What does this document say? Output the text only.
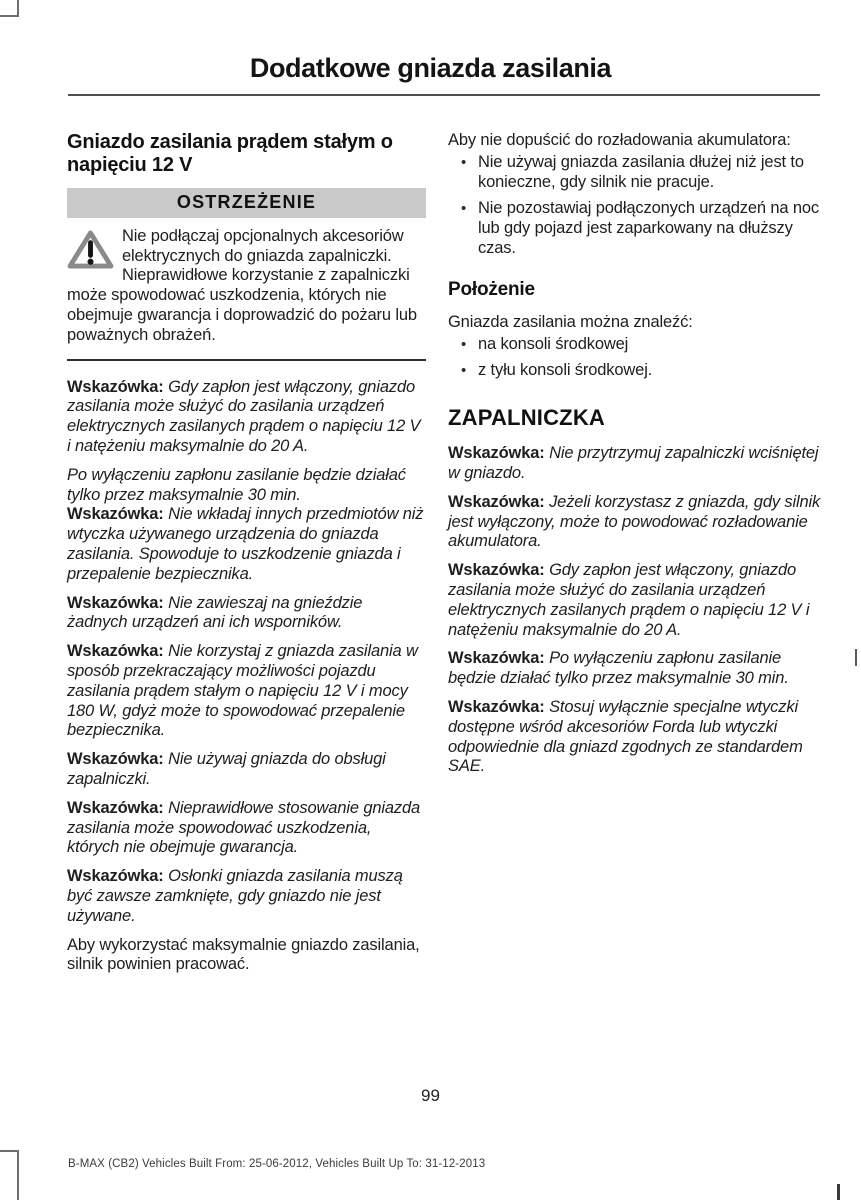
Dodatkowe gniazda zasilania
Gniazdo zasilania prądem stałym o napięciu 12 V
OSTRZEŻENIE
Nie podłączaj opcjonalnych akcesoriów elektrycznych do gniazda zapalniczki. Nieprawidłowe korzystanie z zapalniczki może spowodować uszkodzenia, których nie obejmuje gwarancja i doprowadzić do pożaru lub poważnych obrażeń.

Wskazówka: Gdy zapłon jest włączony, gniazdo zasilania może służyć do zasilania urządzeń elektrycznych zasilanych prądem o napięciu 12 V i natężeniu maksymalnie do 20 A.

Po wyłączeniu zapłonu zasilanie będzie działać tylko przez maksymalnie 30 min.

Wskazówka: Nie wkładaj innych przedmiotów niż wtyczka używanego urządzenia do gniazda zasilania. Spowoduje to uszkodzenie gniazda i przepalenie bezpiecznika.

Wskazówka: Nie zawieszaj na gnieździe żadnych urządzeń ani ich wsporników.

Wskazówka: Nie korzystaj z gniazda zasilania w sposób przekraczający możliwości pojazdu zasilania prądem stałym o napięciu 12 V i mocy 180 W, gdyż może to spowodować przepalenie bezpiecznika.

Wskazówka: Nie używaj gniazda do obsługi zapalniczki.

Wskazówka: Nieprawidłowe stosowanie gniazda zasilania może spowodować uszkodzenia, których nie obejmuje gwarancja.

Wskazówka: Osłonki gniazda zasilania muszą być zawsze zamknięte, gdy gniazdo nie jest używane.

Aby wykorzystać maksymalnie gniazdo zasilania, silnik powinien pracować.

Aby nie dopuścić do rozładowania akumulatora:

• Nie używaj gniazda zasilania dłużej niż jest to konieczne, gdy silnik nie pracuje.
• Nie pozostawiaj podłączonych urządzeń na noc lub gdy pojazd jest zaparkowany na dłuższy czas.
Położenie

Gniazda zasilania można znaleźć:

• na konsoli środkowej
• z tyłu konsoli środkowej.
ZAPALNICZKA

Wskazówka: Nie przytrzymuj zapalniczki wciśniętej w gniazdo.

Wskazówka: Jeżeli korzystasz z gniazda, gdy silnik jest wyłączony, może to powodować rozładowanie akumulatora.

Wskazówka: Gdy zapłon jest włączony, gniazdo zasilania może służyć do zasilania urządzeń elektrycznych zasilanych prądem o napięciu 12 V i natężeniu maksymalnie do 20 A.

Wskazówka: Po wyłączeniu zapłonu zasilanie będzie działać tylko przez maksymalnie 30 min.

Wskazówka: Stosuj wyłącznie specjalne wtyczki dostępne wśród akcesoriów Forda lub wtyczki odpowiednie dla gniazd zgodnych ze standardem SAE.

99
B-MAX (CB2) Vehicles Built From: 25-06-2012, Vehicles Built Up To: 31-12-2013
